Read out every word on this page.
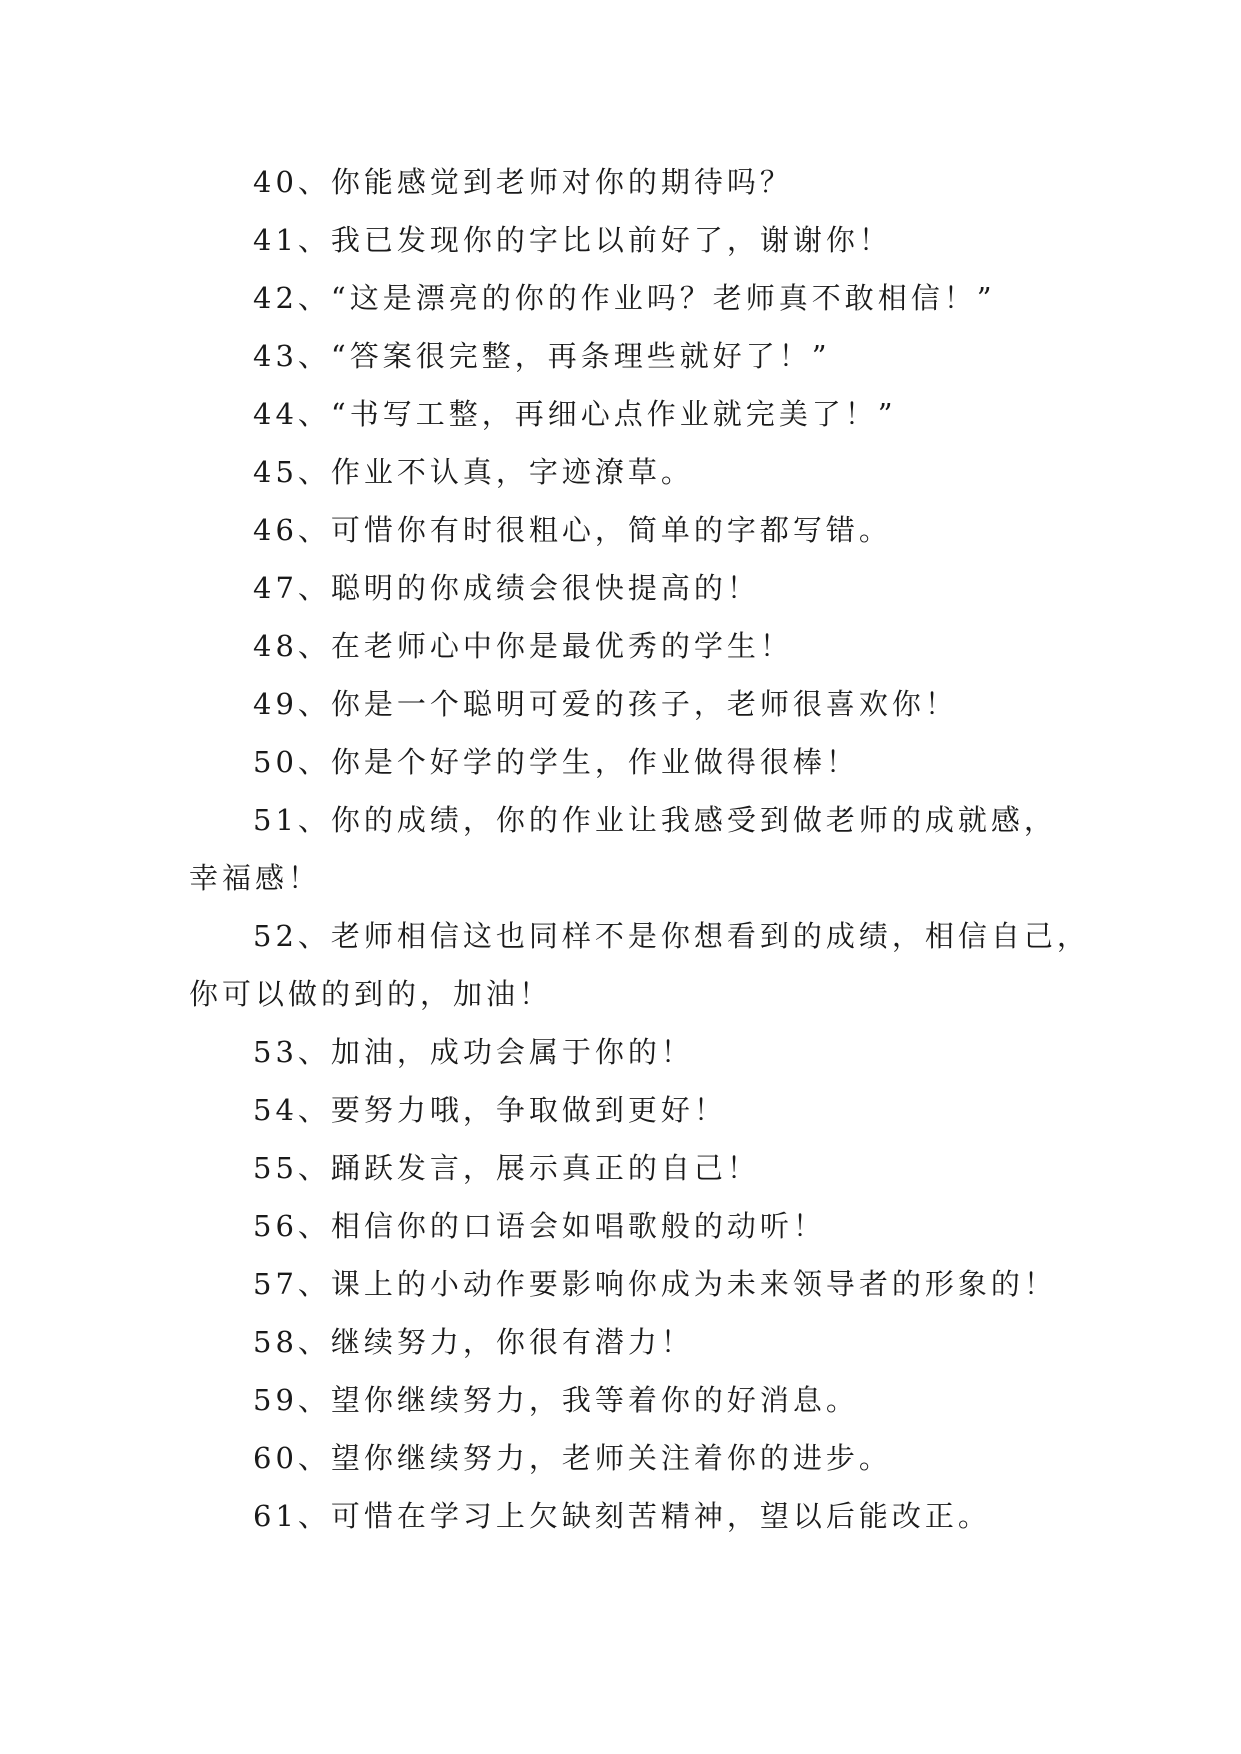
40、你能感觉到老师对你的期待吗？

41、我已发现你的字比以前好了，谢谢你！

42、“这是漂亮的你的作业吗？老师真不敢相信！”

43、“答案很完整，再条理些就好了！”

44、“书写工整，再细心点作业就完美了！”

45、作业不认真，字迹潦草。

46、可惜你有时很粗心，简单的字都写错。

47、聪明的你成绩会很快提高的！

48、在老师心中你是最优秀的学生！

49、你是一个聪明可爱的孩子，老师很喜欢你！

50、你是个好学的学生，作业做得很棒！

51、你的成绩，你的作业让我感受到做老师的成就感，

幸福感！

52、老师相信这也同样不是你想看到的成绩，相信自己，

你可以做的到的，加油！

53、加油，成功会属于你的！

54、要努力哦，争取做到更好！

55、踊跃发言，展示真正的自己！

56、相信你的口语会如唱歌般的动听！

57、课上的小动作要影响你成为未来领导者的形象的！

58、继续努力，你很有潜力！

59、望你继续努力，我等着你的好消息。

60、望你继续努力，老师关注着你的进步。

61、可惜在学习上欠缺刻苦精神，望以后能改正。
